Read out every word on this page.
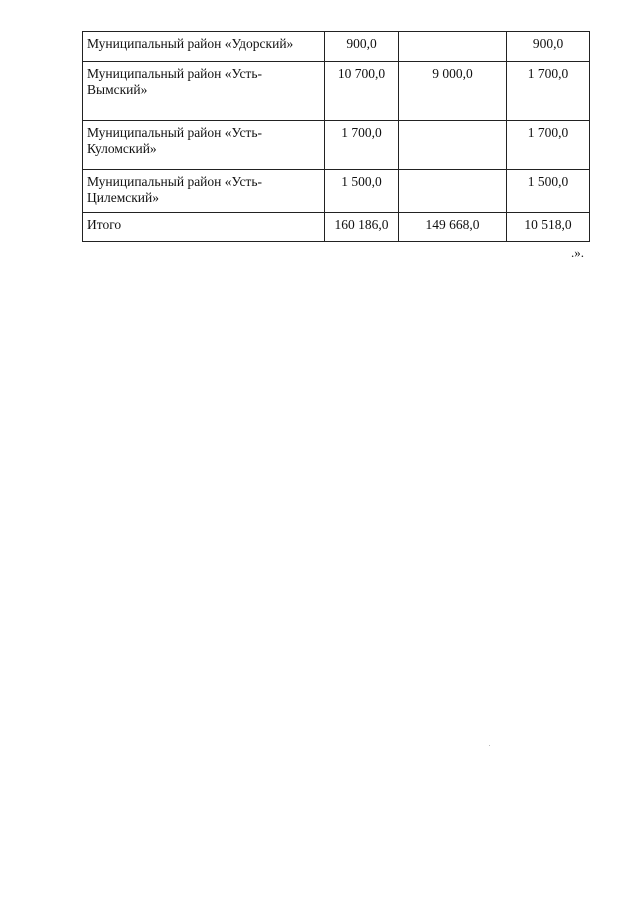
Муниципальный район «Удорский»	900,0		900,0
Муниципальный район «Усть-Вымский»	10 700,0	9 000,0	1 700,0
Муниципальный район «Усть-Куломский»	1 700,0		1 700,0
Муниципальный район «Усть-Цилемский»	1 500,0		1 500,0
Итого	160 186,0	149 668,0	10 518,0
.».
